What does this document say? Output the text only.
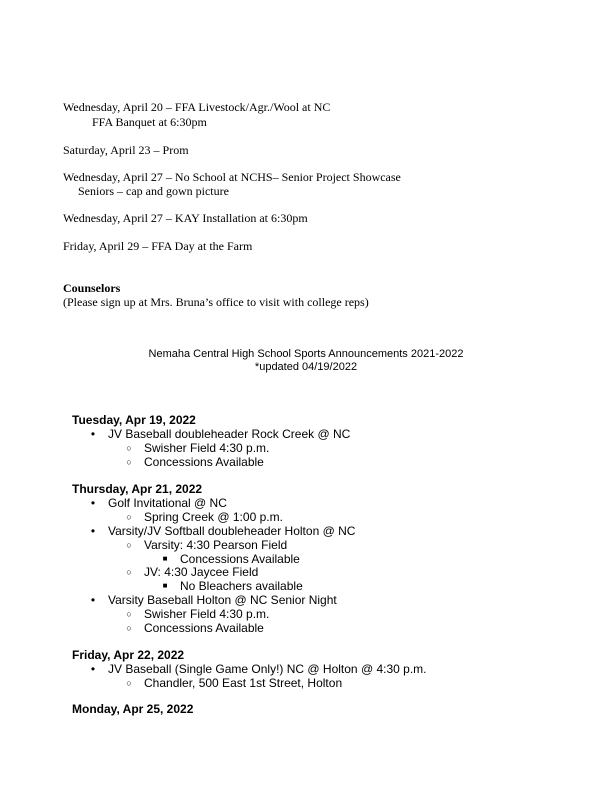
Wednesday, April 20 – FFA Livestock/Agr./Wool at NC
FFA Banquet at 6:30pm
Saturday, April 23 – Prom
Wednesday, April 27 – No School at NCHS– Senior Project Showcase
Seniors – cap and gown picture
Wednesday, April 27 – KAY Installation at 6:30pm
Friday, April 29 – FFA Day at the Farm
Counselors
(Please sign up at Mrs. Bruna’s office to visit with college reps)
Nemaha Central High School Sports Announcements 2021-2022
*updated 04/19/2022
Tuesday, Apr 19, 2022
•	JV Baseball doubleheader Rock Creek @ NC
○	Swisher Field 4:30 p.m.
○	Concessions Available
Thursday, Apr 21, 2022
•	Golf Invitational @ NC
○	Spring Creek @ 1:00 p.m.
•	Varsity/JV Softball doubleheader Holton @ NC
○	Varsity: 4:30 Pearson Field
■	Concessions Available
○	JV: 4:30 Jaycee Field
■	No Bleachers available
•	Varsity Baseball Holton @ NC Senior Night
○	Swisher Field 4:30 p.m.
○	Concessions Available
Friday, Apr 22, 2022
•	JV Baseball (Single Game Only!) NC @ Holton @ 4:30 p.m.
○	Chandler, 500 East 1st Street, Holton
Monday, Apr 25, 2022
